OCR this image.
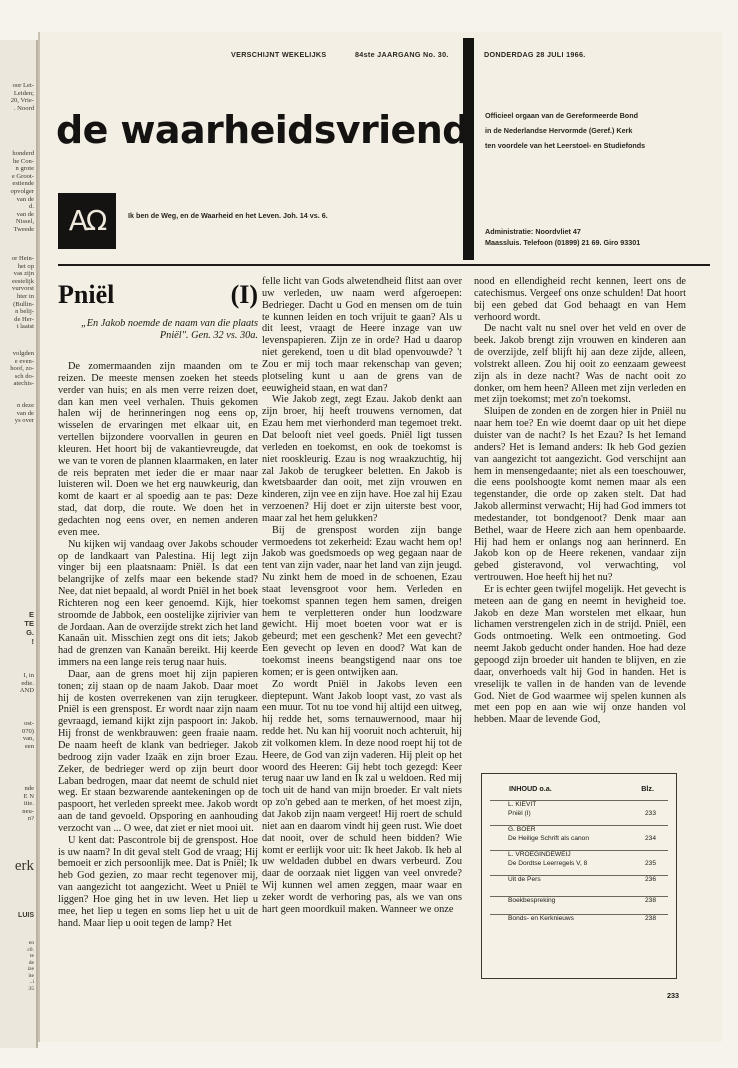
oor Let-
Leiden;
20, Vrie-
. Noord
honderd
he Con-
n grote
e Groot-
estiende
opvolger
van de
d.
van de
Nissel,
Tweede
or Hein-
het op
vas zijn
eestelijk
vurvorst
hter in
(Bullin-
n belij-
de Her-
t laatst
volgden
e even-
hoof, zo-
sch do-
atechis-
n deze
van de
ys over
E
TE
G.
!
I, in
edte.
AND
ost-
070)
van,
een
nde
E N
itie.
neu-
n?
erk
LUIS
en
c0.
te
de
ize
ite
..i
35
VERSCHIJNT WEKELIJKS	84ste JAARGANG No. 30.	DONDERDAG 28 JULI 1966.
de waarheidsvriend Officieel orgaan van de Gereformeerde Bond
in de Nederlandse Hervormde (Geref.) Kerk
ten voordele van het Leerstoel- en Studiefonds
ΑΩ	Ik ben de Weg, en de Waarheid en het Leven. Joh. 14 vs. 6.
Administratie: Noordvliet 47
Maassluis. Telefoon (01899) 21 69. Giro 93301
Pniël	(I)
„En Jakob noemde de naam van die plaats Pniël". Gen. 32 vs. 30a.

De zomermaanden zijn maanden om te reizen. De meeste mensen zoeken het steeds verder van huis; en als men verre reizen doet, dan kan men veel verhalen. Thuis gekomen halen wij de herinneringen nog eens op, wisselen de ervaringen met elkaar uit, en vertellen bijzondere voorvallen in geuren en kleuren. Het hoort bij de vakantievreugde, dat we van te voren de plannen klaarmaken, en later de reis bepraten met ieder die er maar naar luisteren wil. Doen we het erg nauwkeurig, dan komt de kaart er al spoedig aan te pas: Deze stad, dat dorp, die route. We doen het in gedachten nog eens over, en nemen anderen even mee.

Nu kijken wij vandaag over Jakobs schouder op de landkaart van Palestina. Hij legt zijn vinger bij een plaatsnaam: Pniël. Is dat een belangrijke of zelfs maar een bekende stad? Nee, dat niet bepaald, al wordt Pniël in het boek Richteren nog een keer genoemd. Kijk, hier stroomde de Jabbok, een oostelijke zijrivier van de Jordaan. Aan de overzijde strekt zich het land Kanaän uit. Misschien zegt ons dit iets; Jakob had de grenzen van Kanaän bereikt. Hij keerde immers na een lange reis terug naar huis.

Daar, aan de grens moet hij zijn papieren tonen; zij staan op de naam Jakob. Daar moet hij de kosten overrekenen van zijn terugkeer. Pniël is een grenspost. Er wordt naar zijn naam gevraagd, iemand kijkt zijn paspoort in: Jakob. Hij fronst de wenkbrauwen: geen fraaie naam. De naam heeft de klank van bedrieger. Jakob bedroog zijn vader Izaäk en zijn broer Ezau. Zeker, de bedrieger werd op zijn beurt door Laban bedrogen, maar dat neemt de schuld niet weg. Er staan bezwarende aantekeningen op de paspoort, het verleden spreekt mee. Jakob wordt aan de tand gevoeld. Opsporing en aanhouding verzocht van ... O wee, dat ziet er niet mooi uit.

U kent dat: Pascontrole bij de grenspost. Hoe is uw naam? In dit geval stelt God de vraag; Hij bemoeit er zich persoonlijk mee. Dat is Pniël; Ik heb God gezien, zo maar recht tegenover mij, van aangezicht tot aangezicht. Weet u Pniël te liggen? Hoe ging het in uw leven. Het liep u mee, het liep u tegen en soms liep het u uit de hand. Maar liep u ooit tegen de lamp? Het

felle licht van Gods alwetendheid flitst aan over uw verleden, uw naam werd afgeroepen: Bedrieger. Dacht u God en mensen om de tuin te kunnen leiden en toch vrijuit te gaan? Als u dit leest, vraagt de Heere inzage van uw levenspapieren. Zijn ze in orde? Had u daarop niet gerekend, toen u dit blad openvouwde? 't Zou er mij toch maar rekenschap van geven; plotseling kunt u aan de grens van de eeuwigheid staan, en wat dan?

Wie Jakob zegt, zegt Ezau. Jakob denkt aan zijn broer, hij heeft trouwens vernomen, dat Ezau hem met vierhonderd man tegemoet trekt. Dat belooft niet veel goeds. Pniël ligt tussen verleden en toekomst, en ook de toekomst is niet rooskleurig. Ezau is nog wraakzuchtig, hij zal Jakob de terugkeer beletten. En Jakob is kwetsbaarder dan ooit, met zijn vrouwen en kinderen, zijn vee en zijn have. Hoe zal hij Ezau verzoenen? Hij doet er zijn uiterste best voor, maar zal het hem gelukken?

Bij de grenspost worden zijn bange vermoedens tot zekerheid: Ezau wacht hem op! Jakob was goedsmoeds op weg gegaan naar de tent van zijn vader, naar het land van zijn jeugd. Nu zinkt hem de moed in de schoenen, Ezau staat levensgroot voor hem. Verleden en toekomst spannen tegen hem samen, dreigen hem te verpletteren onder hun loodzware gewicht. Hij moet boeten voor wat er is gebeurd; met een geschenk? Met een gevecht? Een gevecht op leven en dood? Wat kan de toekomst ineens beangstigend naar ons toe komen; er is geen ontwijken aan.

Zo wordt Pniël in Jakobs leven een dieptepunt. Want Jakob loopt vast, zo vast als een muur. Tot nu toe vond hij altijd een uitweg, hij redde het, soms ternauwernood, maar hij redde het. Nu kan hij vooruit noch achteruit, hij zit volkomen klem. In deze nood roept hij tot de Heere, de God van zijn vaderen. Hij pleit op het woord des Heeren: Gij hebt toch gezegd: Keer terug naar uw land en Ik zal u weldoen. Red mij toch uit de hand van mijn broeder. Er valt niets op zo'n gebed aan te merken, of het moest zijn, dat Jakob zijn naam vergeet! Hij roert de schuld niet aan en daarom vindt hij geen rust. Wie doet dat nooit, over de schuld heen bidden? Wie komt er eerlijk voor uit: Ik heet Jakob. Ik heb al uw weldaden dubbel en dwars verbeurd. Zou daar de oorzaak niet liggen van veel onvrede? Wij kunnen wel amen zeggen, maar waar en zeker wordt de verhoring pas, als we van ons hart geen moordkuil maken. Wanneer we onze

nood en ellendigheid recht kennen, leert ons de catechismus. Vergeef ons onze schulden! Dat hoort bij een gebed dat God behaagt en van Hem verhoord wordt.

De nacht valt nu snel over het veld en over de beek. Jakob brengt zijn vrouwen en kinderen aan de overzijde, zelf blijft hij aan deze zijde, alleen, volstrekt alleen. Zou hij ooit zo eenzaam geweest zijn als in deze nacht? Was de nacht ooit zo donker, om hem heen? Alleen met zijn verleden en met zijn toekomst; met zo'n toekomst.

Sluipen de zonden en de zorgen hier in Pniël nu naar hem toe? En wie doemt daar op uit het diepe duister van de nacht? Is het Ezau? Is het Iemand anders? Het is Iemand anders: Ik heb God gezien van aangezicht tot aangezicht. God verschijnt aan hem in mensengedaante; niet als een toeschouwer, die eens poolshoogte komt nemen maar als een tegenstander, die orde op zaken stelt. Dat had Jakob allerminst verwacht; Hij had God immers tot medestander, tot bondgenoot? Denk maar aan Bethel, waar de Heere zich aan hem openbaarde. Hij had hem er onlangs nog aan herinnerd. En Jakob kon op de Heere rekenen, vandaar zijn gebed gisteravond, vol verwachting, vol vertrouwen. Hoe heeft hij het nu?

Er is echter geen twijfel mogelijk. Het gevecht is meteen aan de gang en neemt in hevigheid toe. Jakob en deze Man worstelen met elkaar, hun lichamen verstrengelen zich in de strijd. Pniël, een Gods ontmoeting. Welk een ontmoeting. God neemt Jakob geducht onder handen. Hoe had deze gepoogd zijn broeder uit handen te blijven, en zie daar, onverhoeds valt hij God in handen. Het is vreselijk te vallen in de handen van de levende God. Niet de God waarmee wij spelen kunnen als met een pop en aan wie wij onze handen vol hebben. Maar de levende God,

INHOUD o.a.	Blz.
L. KIEVIT
Pniël (I)	233
G. BOER
De Heilige Schrift als canon	234
L. VROEGINDEWEIJ
De Dordtse Leerregels V, 8	235
Uit de Pers	236
Boekbespreking	238
Bonds- en Kerknieuws	238
233
